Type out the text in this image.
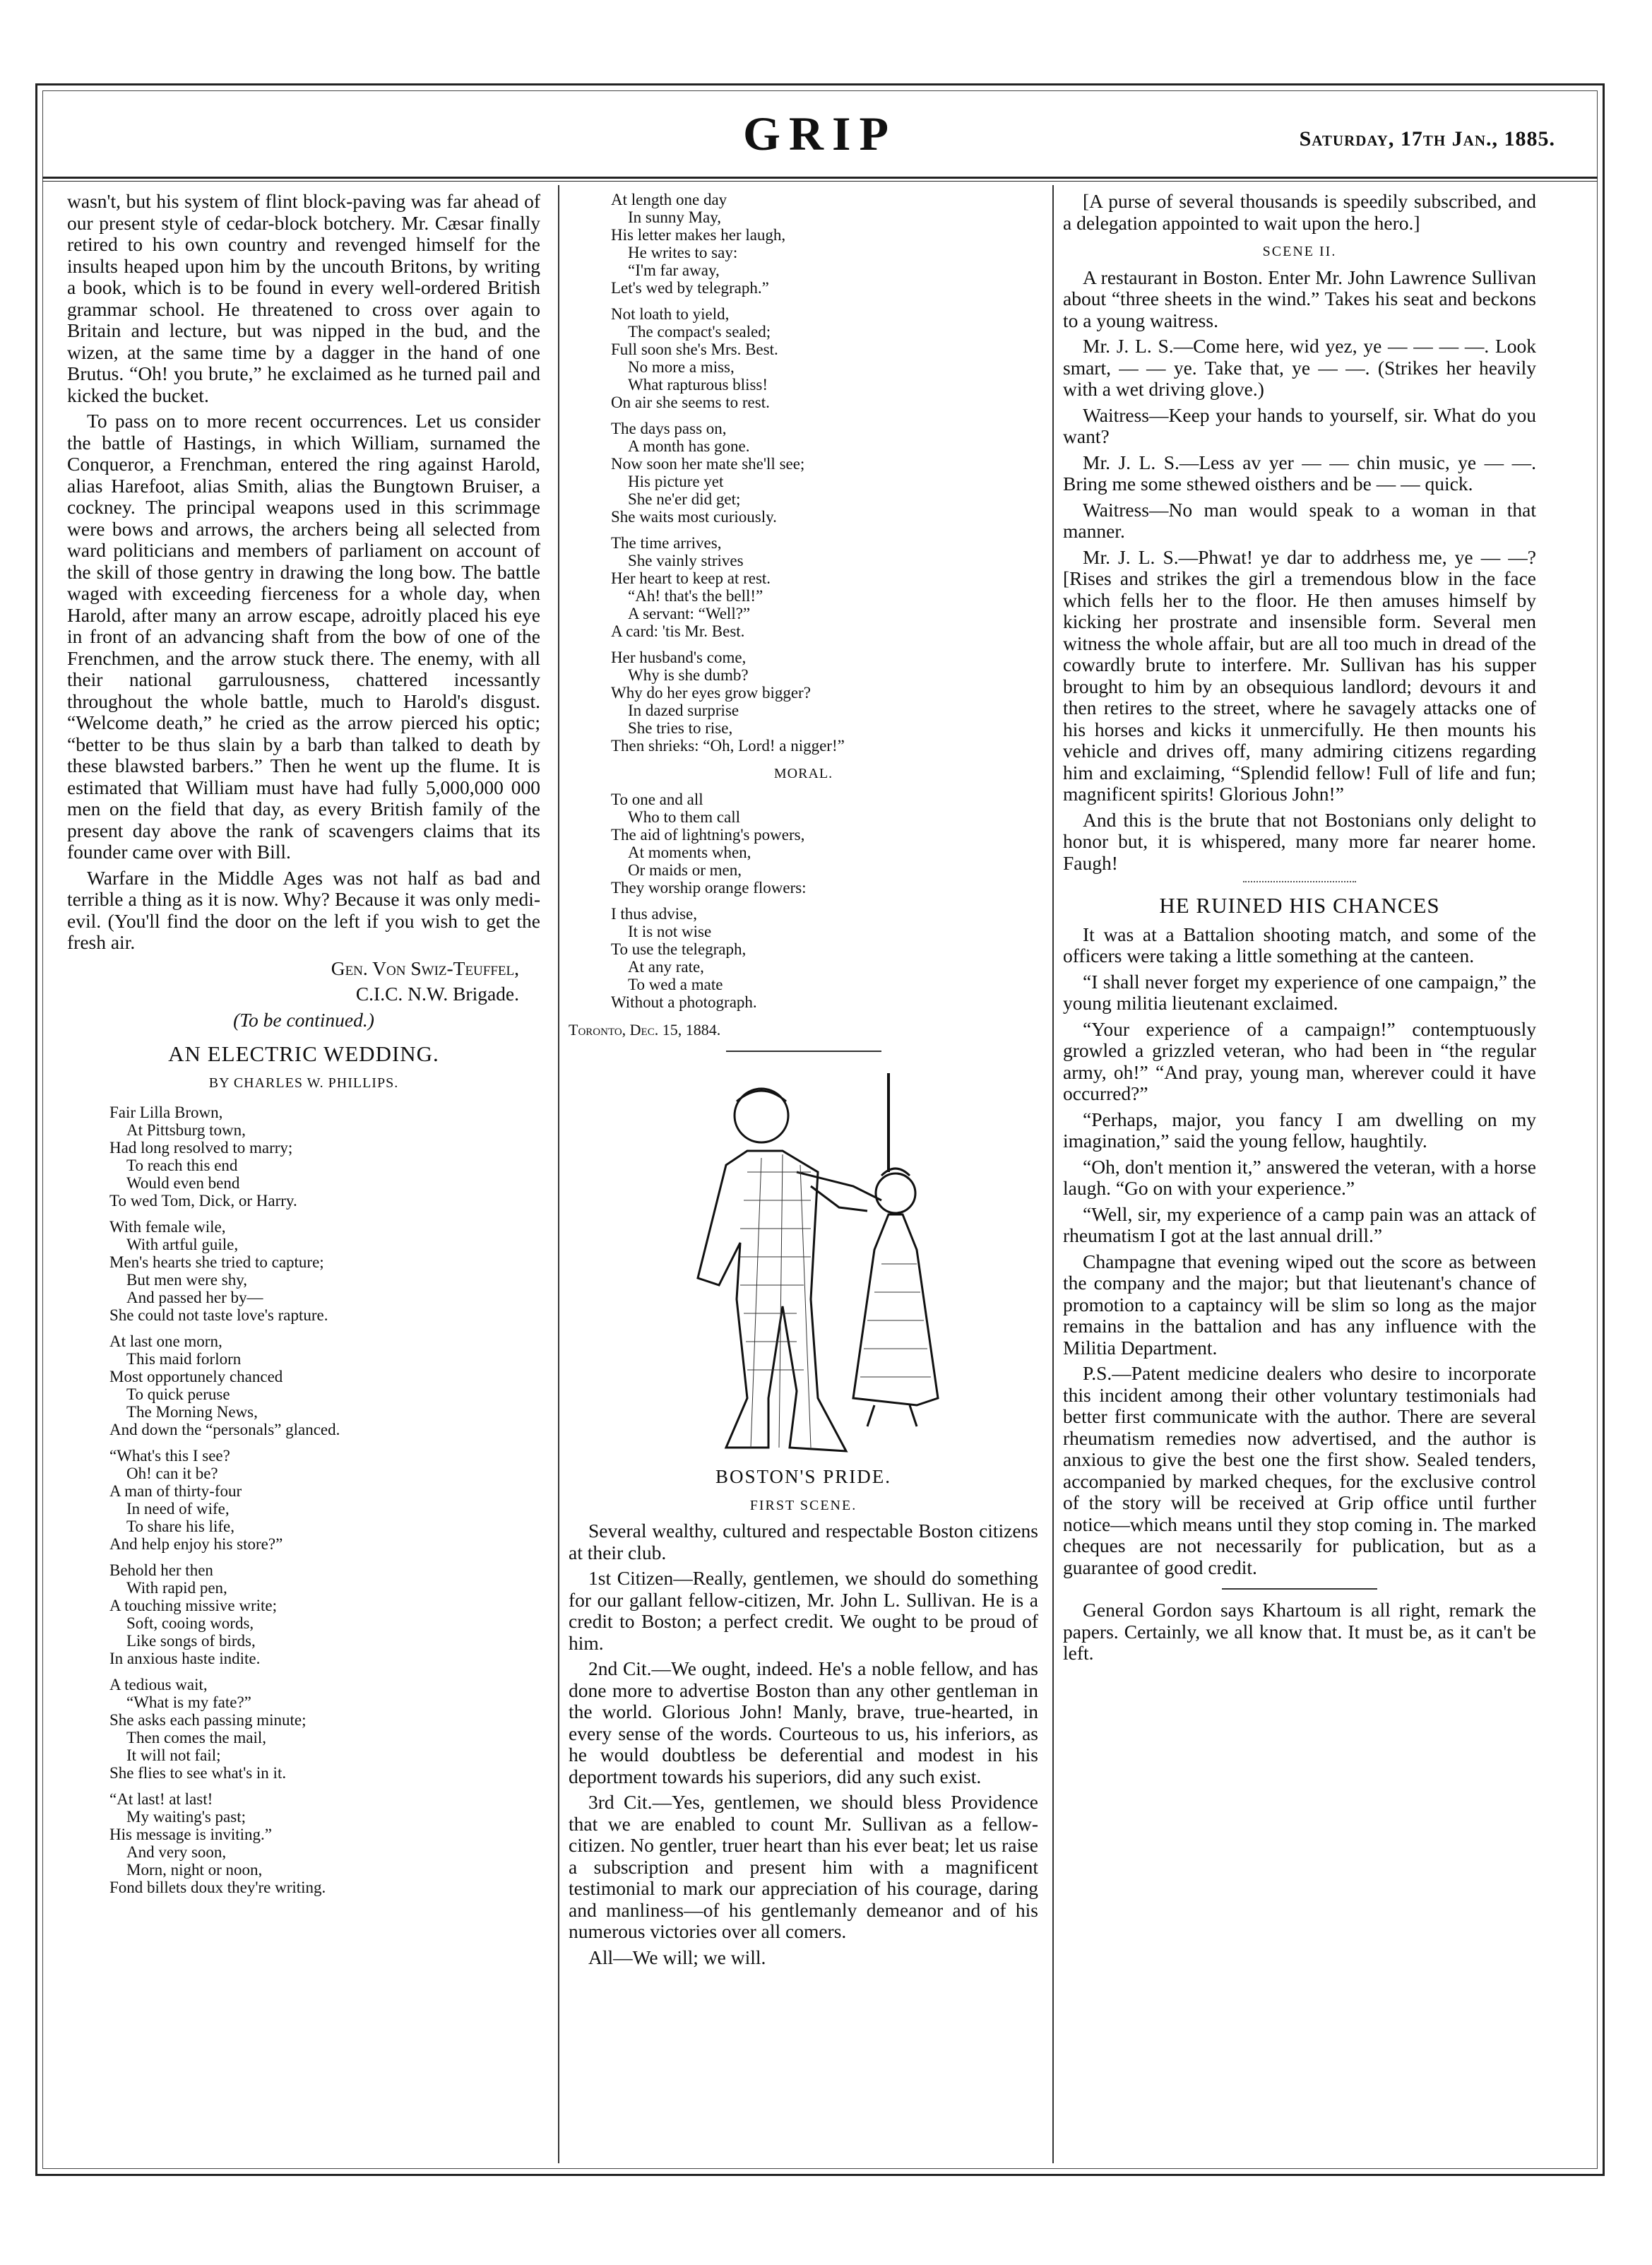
GRIP	Saturday, 17th Jan., 1885.

wasn't, but his system of flint block-paving was far ahead of our present style of cedar-block botchery. Mr. Cæsar finally retired to his own country and revenged himself for the insults heaped upon him by the uncouth Britons, by writing a book, which is to be found in every well-ordered British grammar school. He threatened to cross over again to Britain and lecture, but was nipped in the bud, and the wizen, at the same time by a dagger in the hand of one Brutus. “Oh! you brute,” he exclaimed as he turned pail and kicked the bucket.

To pass on to more recent occurrences. Let us consider the battle of Hastings, in which William, surnamed the Conqueror, a Frenchman, entered the ring against Harold, alias Harefoot, alias Smith, alias the Bungtown Bruiser, a cockney. The principal weapons used in this scrimmage were bows and arrows, the archers being all selected from ward politicians and members of parliament on account of the skill of those gentry in drawing the long bow. The battle waged with exceeding fierceness for a whole day, when Harold, after many an arrow escape, adroitly placed his eye in front of an advancing shaft from the bow of one of the Frenchmen, and the arrow stuck there. The enemy, with all their national garrulousness, chattered incessantly throughout the whole battle, much to Harold's disgust. “Welcome death,” he cried as the arrow pierced his optic; “better to be thus slain by a barb than talked to death by these blawsted barbers.” Then he went up the flume. It is estimated that William must have had fully 5,000,000 000 men on the field that day, as every British family of the present day above the rank of scavengers claims that its founder came over with Bill.

Warfare in the Middle Ages was not half as bad and terrible a thing as it is now. Why? Because it was only medi-evil. (You'll find the door on the left if you wish to get the fresh air.

Gen. Von Swiz-Teuffel,

C.I.C. N.W. Brigade.

(To be continued.)

AN ELECTRIC WEDDING.
BY CHARLES W. PHILLIPS.
Fair Lilla Brown,
At Pittsburg town,
Had long resolved to marry;
To reach this end
Would even bend
To wed Tom, Dick, or Harry.
With female wile,
With artful guile,
Men's hearts she tried to capture;
But men were shy,
And passed her by—
She could not taste love's rapture.
At last one morn,
This maid forlorn
Most opportunely chanced
To quick peruse
The Morning News,
And down the “personals” glanced.
“What's this I see?
Oh! can it be?
A man of thirty-four
In need of wife,
To share his life,
And help enjoy his store?”
Behold her then
With rapid pen,
A touching missive write;
Soft, cooing words,
Like songs of birds,
In anxious haste indite.
A tedious wait,
“What is my fate?”
She asks each passing minute;
Then comes the mail,
It will not fail;
She flies to see what's in it.
“At last! at last!
My waiting's past;
His message is inviting.”
And very soon,
Morn, night or noon,
Fond billets doux they're writing.
At length one day
In sunny May,
His letter makes her laugh,
He writes to say:
“I'm far away,
Let's wed by telegraph.”
Not loath to yield,
The compact's sealed;
Full soon she's Mrs. Best.
No more a miss,
What rapturous bliss!
On air she seems to rest.
The days pass on,
A month has gone.
Now soon her mate she'll see;
His picture yet
She ne'er did get;
She waits most curiously.
The time arrives,
She vainly strives
Her heart to keep at rest.
“Ah! that's the bell!”
A servant: “Well?”
A card: 'tis Mr. Best.
Her husband's come,
Why is she dumb?
Why do her eyes grow bigger?
In dazed surprise
She tries to rise,
Then shrieks: “Oh, Lord! a nigger!”
MORAL.
To one and all
Who to them call
The aid of lightning's powers,
At moments when,
Or maids or men,
They worship orange flowers:
I thus advise,
It is not wise
To use the telegraph,
At any rate,
To wed a mate
Without a photograph.

Toronto, Dec. 15, 1884.

BOSTON'S PRIDE.
FIRST SCENE.

Several wealthy, cultured and respectable Boston citizens at their club.

1st Citizen—Really, gentlemen, we should do something for our gallant fellow-citizen, Mr. John L. Sullivan. He is a credit to Boston; a perfect credit. We ought to be proud of him.

2nd Cit.—We ought, indeed. He's a noble fellow, and has done more to advertise Boston than any other gentleman in the world. Glorious John! Manly, brave, true-hearted, in every sense of the words. Courteous to us, his inferiors, as he would doubtless be deferential and modest in his deportment towards his superiors, did any such exist.

3rd Cit.—Yes, gentlemen, we should bless Providence that we are enabled to count Mr. Sullivan as a fellow-citizen. No gentler, truer heart than his ever beat; let us raise a subscription and present him with a magnificent testimonial to mark our appreciation of his courage, daring and manliness—of his gentlemanly demeanor and of his numerous victories over all comers.

All—We will; we will.

[A purse of several thousands is speedily subscribed, and a delegation appointed to wait upon the hero.]

SCENE II.

A restaurant in Boston. Enter Mr. John Lawrence Sullivan about “three sheets in the wind.” Takes his seat and beckons to a young waitress.

Mr. J. L. S.—Come here, wid yez, ye — — — —. Look smart, — — ye. Take that, ye — —. (Strikes her heavily with a wet driving glove.)

Waitress—Keep your hands to yourself, sir. What do you want?

Mr. J. L. S.—Less av yer — — chin music, ye — —. Bring me some sthewed oisthers and be — — quick.

Waitress—No man would speak to a woman in that manner.

Mr. J. L. S.—Phwat! ye dar to addrhess me, ye — —? [Rises and strikes the girl a tremendous blow in the face which fells her to the floor. He then amuses himself by kicking her prostrate and insensible form. Several men witness the whole affair, but are all too much in dread of the cowardly brute to interfere. Mr. Sullivan has his supper brought to him by an obsequious landlord; devours it and then retires to the street, where he savagely attacks one of his horses and kicks it unmercifully. He then mounts his vehicle and drives off, many admiring citizens regarding him and exclaiming, “Splendid fellow! Full of life and fun; magnificent spirits! Glorious John!”

And this is the brute that not Bostonians only delight to honor but, it is whispered, many more far nearer home. Faugh!

HE RUINED HIS CHANCES

It was at a Battalion shooting match, and some of the officers were taking a little something at the canteen.

“I shall never forget my experience of one campaign,” the young militia lieutenant exclaimed.

“Your experience of a campaign!” contemptuously growled a grizzled veteran, who had been in “the regular army, oh!” “And pray, young man, wherever could it have occurred?”

“Perhaps, major, you fancy I am dwelling on my imagination,” said the young fellow, haughtily.

“Oh, don't mention it,” answered the veteran, with a horse laugh. “Go on with your experience.”

“Well, sir, my experience of a camp pain was an attack of rheumatism I got at the last annual drill.”

Champagne that evening wiped out the score as between the company and the major; but that lieutenant's chance of promotion to a captaincy will be slim so long as the major remains in the battalion and has any influence with the Militia Department.

P.S.—Patent medicine dealers who desire to incorporate this incident among their other voluntary testimonials had better first communicate with the author. There are several rheumatism remedies now advertised, and the author is anxious to give the best one the first show. Sealed tenders, accompanied by marked cheques, for the exclusive control of the story will be received at Grip office until further notice—which means until they stop coming in. The marked cheques are not necessarily for publication, but as a guarantee of good credit.

General Gordon says Khartoum is all right, remark the papers. Certainly, we all know that. It must be, as it can't be left.
